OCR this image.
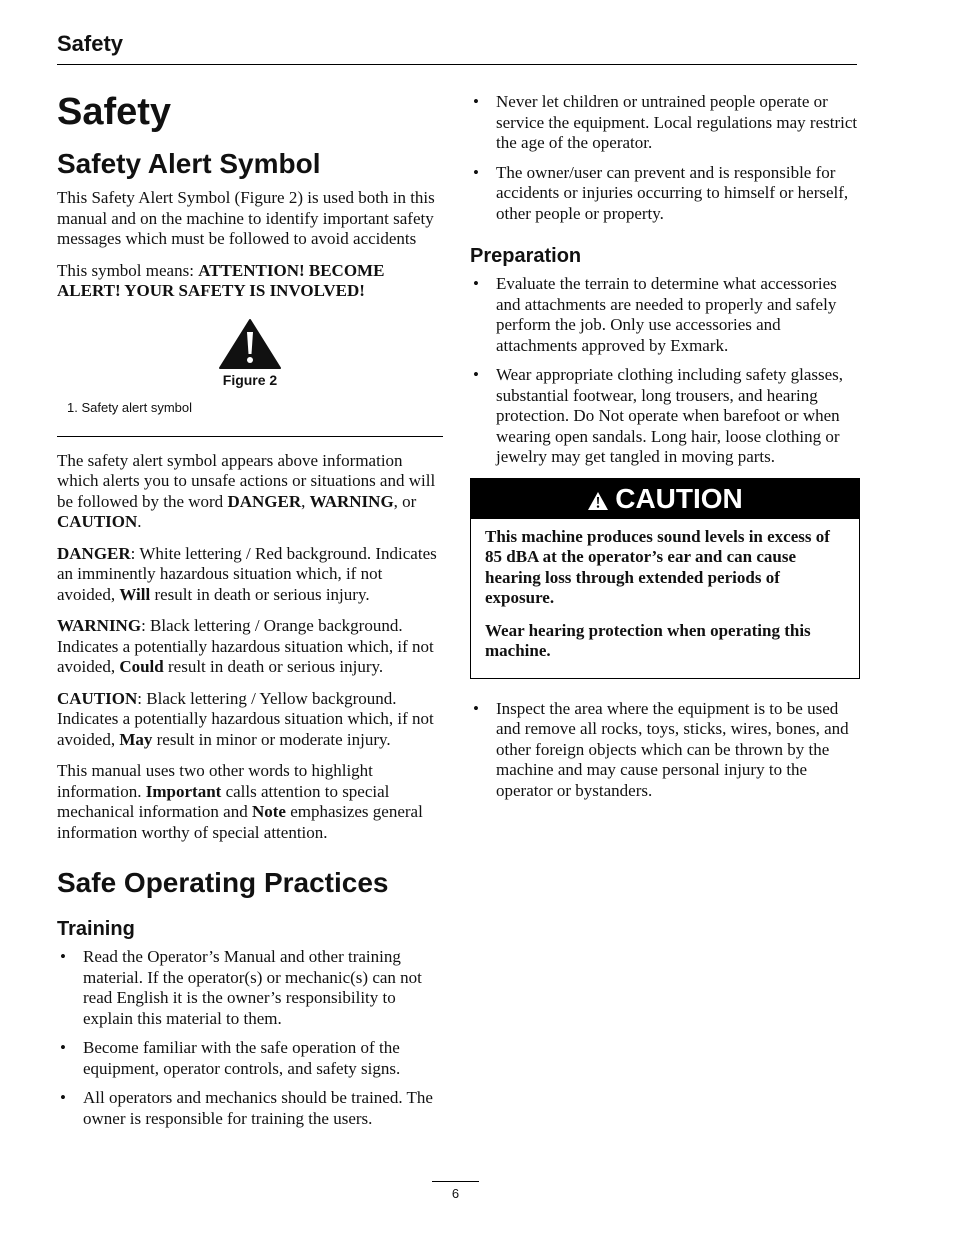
Safety
Safety
Safety Alert Symbol

This Safety Alert Symbol (Figure 2) is used both in this manual and on the machine to identify important safety messages which must be followed to avoid accidents

This symbol means: ATTENTION! BECOME ALERT! YOUR SAFETY IS INVOLVED!

Figure 2
1. Safety alert symbol

The safety alert symbol appears above information which alerts you to unsafe actions or situations and will be followed by the word DANGER, WARNING, or CAUTION.

DANGER: White lettering / Red background. Indicates an imminently hazardous situation which, if not avoided, Will result in death or serious injury.

WARNING: Black lettering / Orange background. Indicates a potentially hazardous situation which, if not avoided, Could result in death or serious injury.

CAUTION: Black lettering / Yellow background. Indicates a potentially hazardous situation which, if not avoided, May result in minor or moderate injury.

This manual uses two other words to highlight information. Important calls attention to special mechanical information and Note emphasizes general information worthy of special attention.

Safe Operating Practices
Training
• Read the Operator’s Manual and other training material. If the operator(s) or mechanic(s) can not read English it is the owner’s responsibility to explain this material to them.
• Become familiar with the safe operation of the equipment, operator controls, and safety signs.
• All operators and mechanics should be trained. The owner is responsible for training the users.
• Never let children or untrained people operate or service the equipment. Local regulations may restrict the age of the operator.
• The owner/user can prevent and is responsible for accidents or injuries occurring to himself or herself, other people or property.
Preparation
• Evaluate the terrain to determine what accessories and attachments are needed to properly and safely perform the job. Only use accessories and attachments approved by Exmark.
• Wear appropriate clothing including safety glasses, substantial footwear, long trousers, and hearing protection. Do Not operate when barefoot or when wearing open sandals. Long hair, loose clothing or jewelry may get tangled in moving parts.
CAUTION

This machine produces sound levels in excess of 85 dBA at the operator’s ear and can cause hearing loss through extended periods of exposure.

Wear hearing protection when operating this machine.

• Inspect the area where the equipment is to be used and remove all rocks, toys, sticks, wires, bones, and other foreign objects which can be thrown by the machine and may cause personal injury to the operator or bystanders.
6
